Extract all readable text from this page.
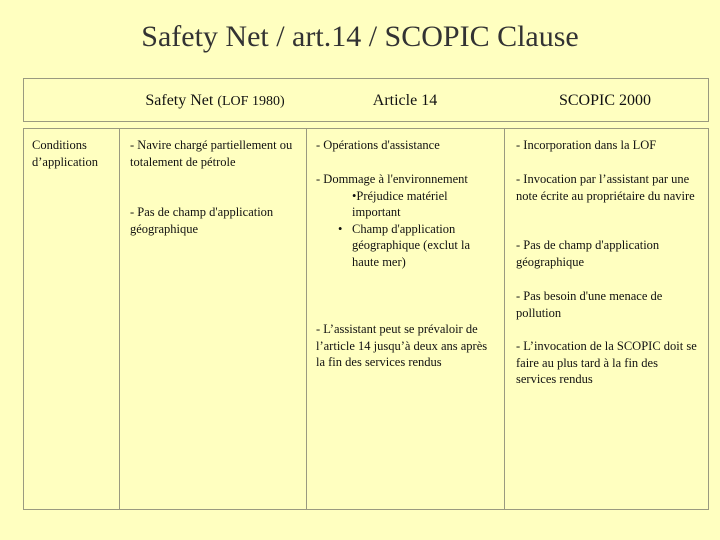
Safety Net / art.14 / SCOPIC Clause
Safety Net (LOF 1980)	Article 14	SCOPIC 2000
Conditions d’application
- Navire chargé partiellement ou totalement de pétrole
- Pas de champ d'application géographique
- Opérations d'assistance

- Dommage à l'environnement

•Préjudice matériel important
• Champ d'application géographique (exclut la haute mer)
- L’assistant peut se prévaloir de l’article 14 jusqu’à deux ans après la fin des services rendus
- Incorporation dans la LOF
- Invocation par l’assistant par une note écrite au propriétaire du navire
- Pas de champ d'application géographique
- Pas besoin d'une menace de pollution
- L’invocation de la SCOPIC doit se faire au plus tard à la fin des services rendus
